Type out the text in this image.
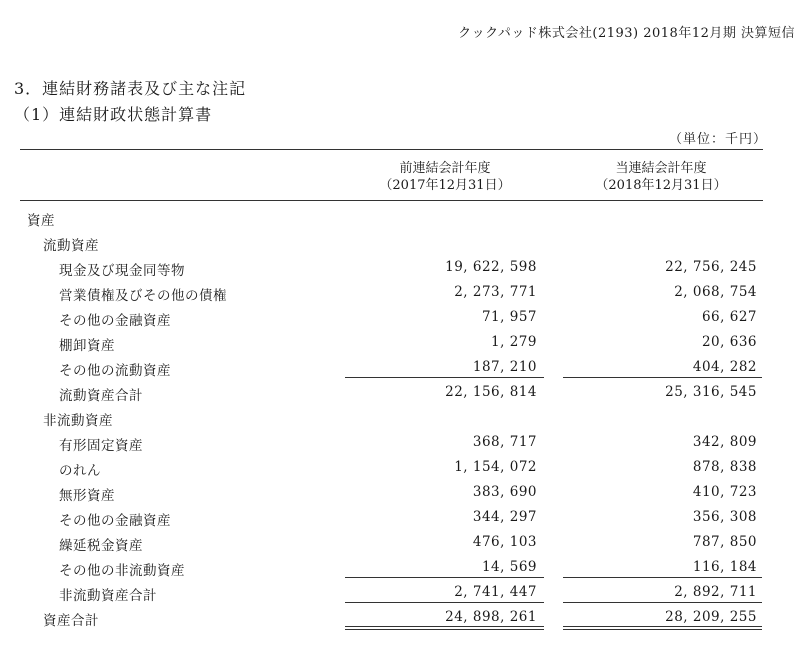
クックパッド株式会社(2193) 2018年12月期 決算短信
3．連結財務諸表及び主な注記
（1）連結財政状態計算書
（単位：千円）
前連結会計年度
（2017年12月31日）
当連結会計年度
（2018年12月31日）
資産
流動資産
現金及び現金同等物	19, 622, 598	22, 756, 245
営業債権及びその他の債権	2, 273, 771	2, 068, 754
その他の金融資産	71, 957	66, 627
棚卸資産	1, 279	20, 636
その他の流動資産	187, 210	404, 282
流動資産合計	22, 156, 814	25, 316, 545
非流動資産
有形固定資産	368, 717	342, 809
のれん	1, 154, 072	878, 838
無形資産	383, 690	410, 723
その他の金融資産	344, 297	356, 308
繰延税金資産	476, 103	787, 850
その他の非流動資産	14, 569	116, 184
非流動資産合計	2, 741, 447	2, 892, 711
資産合計	24, 898, 261	28, 209, 255
